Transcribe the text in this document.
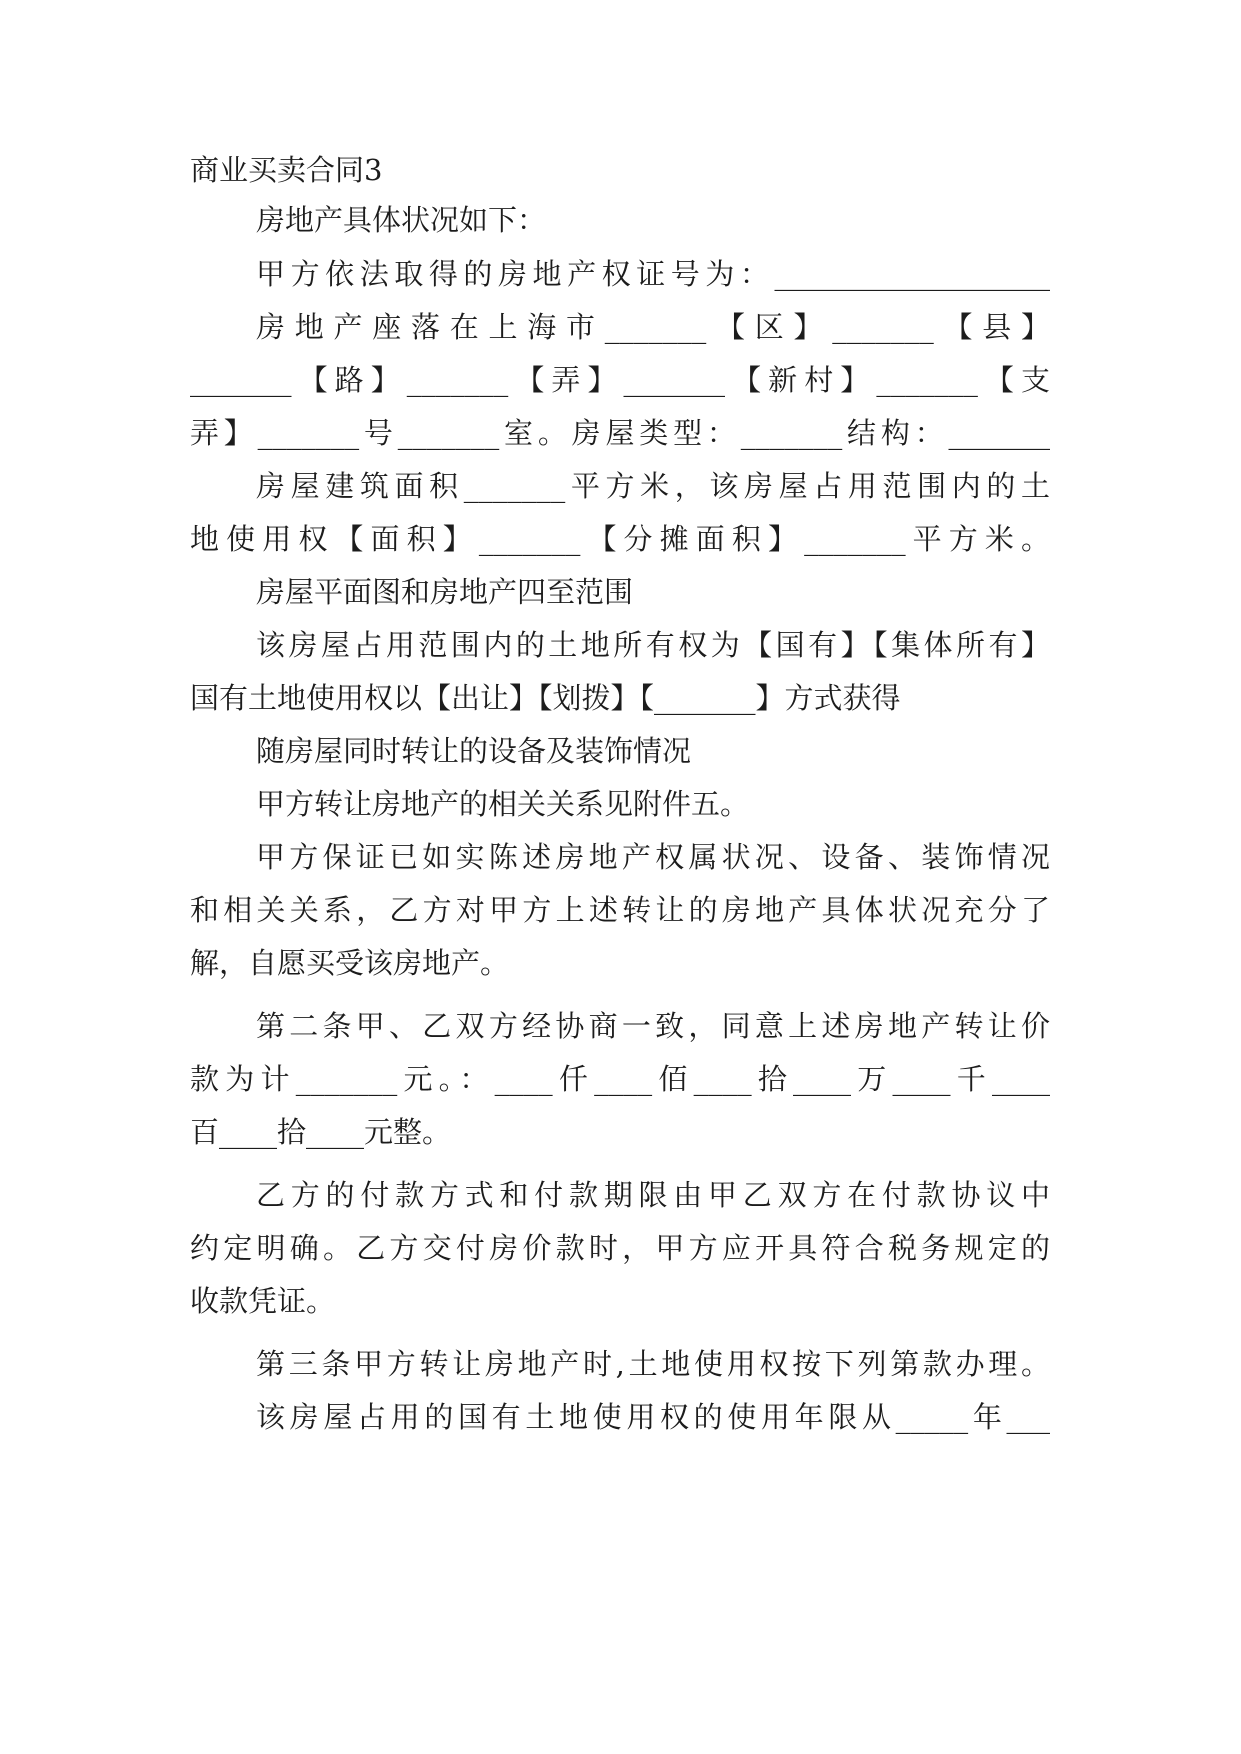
商业买卖合同3
房地产具体状况如下：
甲方依法取得的房地产权证号为：___________________
房地产座落在上海市_______【区】_______【县】
_______【路】_______【弄】_______【新村】_______【支
弄】_______号_______室。房屋类型：_______结构：_______
房屋建筑面积_______平方米，该房屋占用范围内的土
地使用权【面积】_______【分摊面积】_______平方米。
房屋平面图和房地产四至范围
该房屋占用范围内的土地所有权为【国有】【集体所有】
国有土地使用权以【出让】【划拨】【_______】方式获得
随房屋同时转让的设备及装饰情况
甲方转让房地产的相关关系见附件五。
甲方保证已如实陈述房地产权属状况、设备、装饰情况
和相关关系，乙方对甲方上述转让的房地产具体状况充分了
解，自愿买受该房地产。
第二条甲、乙双方经协商一致，同意上述房地产转让价
款为计_______元。：____仟____佰____拾____万____千____
百____拾____元整。
乙方的付款方式和付款期限由甲乙双方在付款协议中
约定明确。乙方交付房价款时，甲方应开具符合税务规定的
收款凭证。
第三条甲方转让房地产时,土地使用权按下列第款办理。
该房屋占用的国有土地使用权的使用年限从_____年___
